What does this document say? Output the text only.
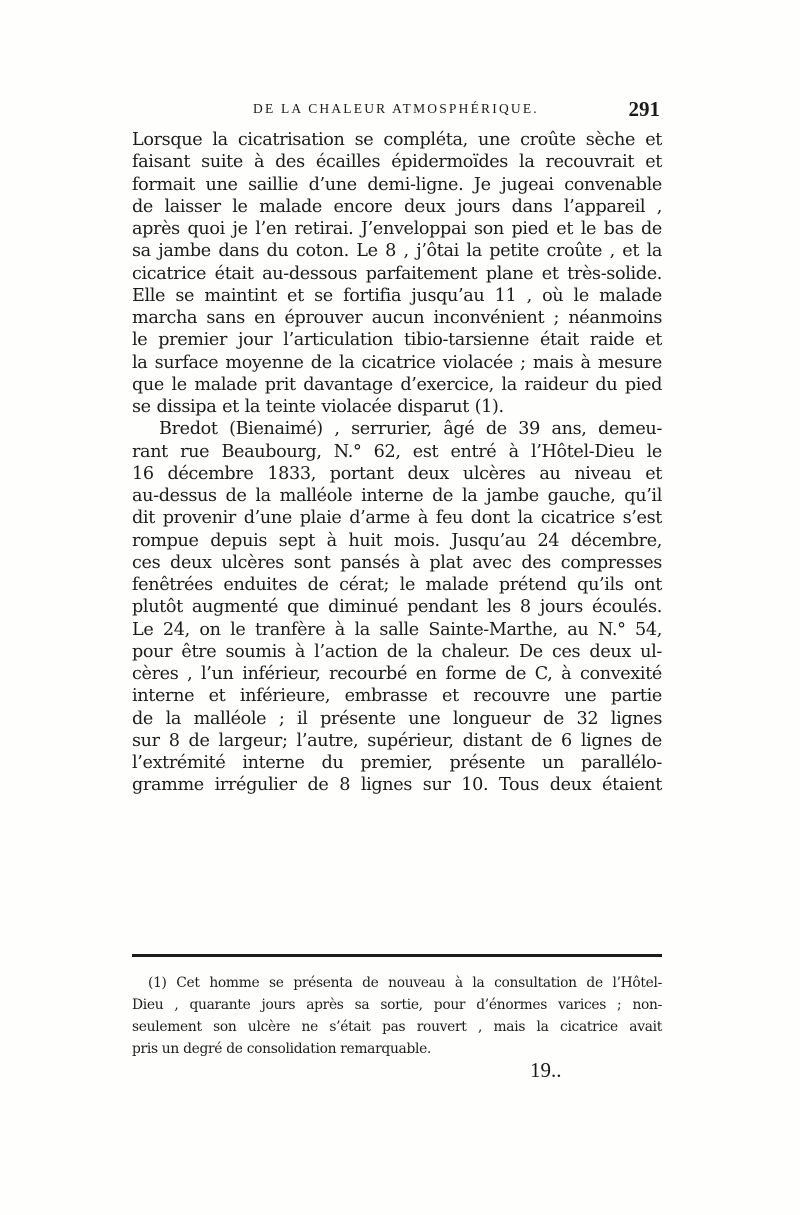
DE LA CHALEUR ATMOSPHÉRIQUE.	291
Lorsque la cicatrisation se compléta, une croûte sèche et
faisant suite à des écailles épidermoïdes la recouvrait et
formait une saillie d’une demi-ligne. Je jugeai convenable
de laisser le malade encore deux jours dans l’appareil ,
après quoi je l’en retirai. J’enveloppai son pied et le bas de
sa jambe dans du coton. Le 8 , j’ôtai la petite croûte , et la
cicatrice était au-dessous parfaitement plane et très-solide.
Elle se maintint et se fortifia jusqu’au 11 , où le malade
marcha sans en éprouver aucun inconvénient ; néanmoins
le premier jour l’articulation tibio-tarsienne était raide et
la surface moyenne de la cicatrice violacée ; mais à mesure
que le malade prit davantage d’exercice, la raideur du pied
se dissipa et la teinte violacée disparut (1).
Bredot (Bienaimé) , serrurier, âgé de 39 ans, demeu-
rant rue Beaubourg, N.° 62, est entré à l’Hôtel-Dieu le
16 décembre 1833, portant deux ulcères au niveau et
au-dessus de la malléole interne de la jambe gauche, qu’il
dit provenir d’une plaie d’arme à feu dont la cicatrice s’est
rompue depuis sept à huit mois. Jusqu’au 24 décembre,
ces deux ulcères sont pansés à plat avec des compresses
fenêtrées enduites de cérat; le malade prétend qu’ils ont
plutôt augmenté que diminué pendant les 8 jours écoulés.
Le 24, on le tranfère à la salle Sainte-Marthe, au N.° 54,
pour être soumis à l’action de la chaleur. De ces deux ul-
cères , l’un inférieur, recourbé en forme de C, à convexité
interne et inférieure, embrasse et recouvre une partie
de la malléole ; il présente une longueur de 32 lignes
sur 8 de largeur; l’autre, supérieur, distant de 6 lignes de
l’extrémité interne du premier, présente un parallélo-
gramme irrégulier de 8 lignes sur 10. Tous deux étaient
(1) Cet homme se présenta de nouveau à la consultation de l’Hôtel-
Dieu , quarante jours après sa sortie, pour d’énormes varices ; non-
seulement son ulcère ne s’était pas rouvert , mais la cicatrice avait
pris un degré de consolidation remarquable.
19..
